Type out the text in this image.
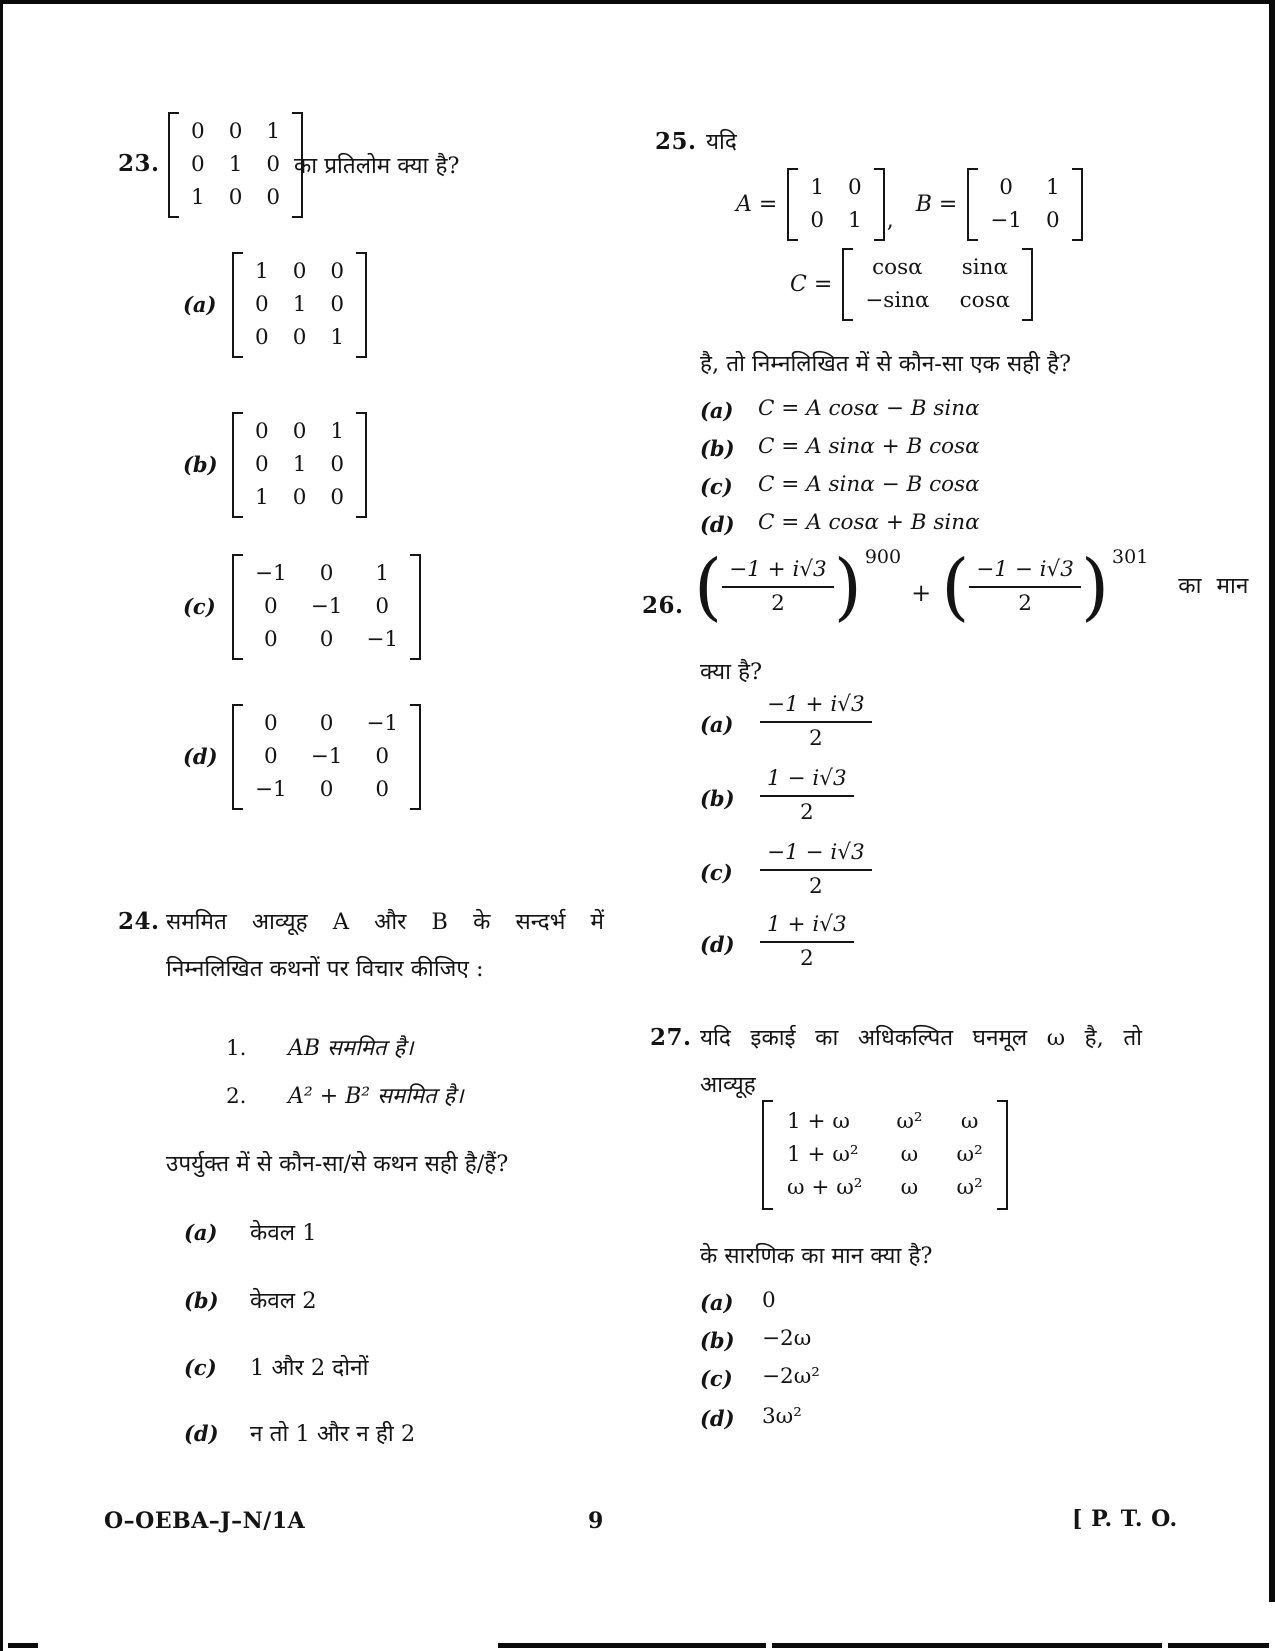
23.
0 0 1
0 1 0
1 0 0
का प्रतिलोम क्या है?
(a)
1 0 0
0 1 0
0 0 1
(b)
0 0 1
0 1 0
1 0 0
(c)
−1 0 1
0 −1 0
0 0 −1
(d)
0 0 −1
0 −1 0
−1 0 0
24. सममित आव्यूह A और B के सन्दर्भ में
निम्नलिखित कथनों पर विचार कीजिए :
1. AB सममित है।
2. A² + B² सममित है।
उपर्युक्त में से कौन-सा/से कथन सही है/हैं?
(a) केवल 1
(b) केवल 2
(c) 1 और 2 दोनों
(d) न तो 1 और न ही 2
25. यदि
A =
1 0
0 1 ,
B =
0 1
−1 0
C =
cosα sinα
−sinα cosα
है, तो निम्नलिखित में से कौन-सा एक सही है?
(a) C = A cosα − B sinα
(b) C = A sinα + B cosα
(c) C = A sinα − B cosα
(d) C = A cosα + B sinα
26. ( $\frac{-1 + i√3}{2}$ ) 900
+ ( $\frac{-1 - i√3}{2}$ ) 301
का मान
क्या है?
$(a) \frac{-1 + i√3}{2}$
$(b) \frac{1 - i√3}{2}$
$(c) \frac{-1 - i√3}{2}$
$(d) \frac{1 + i√3}{2}$
27. यदि इकाई का अधिकल्पित घनमूल ω है, तो
आव्यूह
1 + ω ω² ω
1 + ω² ω ω²
ω + ω² ω ω²
के सारणिक का मान क्या है?
(a) 0
(b) −2ω
(c) −2ω²
(d) 3ω²
O–OEBA–J–N/1A	9	[ P. T. O.
